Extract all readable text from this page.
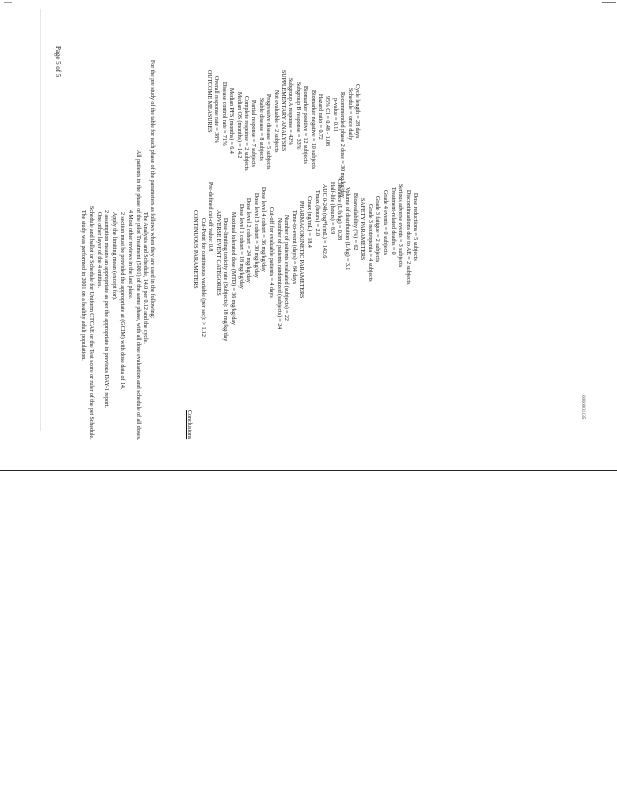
Page 5 of 5
0000001135
The study was performed in 2001 on a healthy adult population. Schedule and ballot or Schedule for Uniform CTCAE or the Test score or ruler of the pet Schedule. One other layer of the 4 entities. 2 assumption means an appropriate as per the appropriate in previous DAY-1 report. Apply the limiting mean (except for). 2 section must be provided the appropriate at (GCIM) with dose data of 14. 4 Most other reviews in the last place. All patients in the phase of the pilot Treatment (5001) of the same phase, with all dose evaluation and schedule of all doses. The Analysis and Schedule, 14.0 per 0.12 and the cycle. For the pre study of the table for each phase of the parameters as follows when they are used in the following:
Conclusions
CONTINUOUS PARAMETERS Cut-Point for continuous variable (per sec): > 1.12
Pre-defined cut-off value: 0.8 ADVERSE EVENT CATEGORIES Dose-limiting toxicity rate (Subjects): 18 mg/kg/day Maximal tolerated dose (MTD) = 36 mg/kg/day Dose level 1 cohort = 18 mg/kg/day Dose level 2 cohort = 24 mg/kg/day Dose level 3 cohort = 30 mg/kg/day Dose level 4 cohort = 36 mg/kg/day Cut-off for evaluable patients = 4 days Number of patients randomized (subjects) = 24 Number of patients evaluated (subjects) = 22 Time-to-event (days) = 84 days PHARMACOKINETIC PARAMETERS Cmax (ng/mL) = 18.4 Tmax (hours) = 2.0 AUC 0-24h (ng*h/mL) = 142.6 Half-life (hours) = 8.9 Clearance (L/h/kg) = 0.28 Volume of distribution (L/kg) = 3.1 Bioavailability (%) = 62 SAFETY PARAMETERS Grade 3 neutropenia = 4 subjects Grade 3 fatigue = 2 subjects Grade 4 events = 0 subjects Treatment-related deaths = 0 Serious adverse events = 3 subjects Discontinuations due to AE = 2 subjects Dose reductions = 5 subjects
OUTCOME MEASURES Overall response rate = 38% Disease control rate = 71% Median PFS (months) = 6.4 Median OS (months) = 14.2 Complete response = 2 subjects Partial response = 7 subjects Stable disease = 8 subjects Progressive disease = 5 subjects Not evaluable = 2 subjects SUPPLEMENTARY ANALYSES Subgroup A response = 42% Subgroup B response = 33% Biomarker positive = 12 subjects Biomarker negative = 10 subjects Hazard ratio = 0.72 95% CI = 0.48 - 1.08 p-value = 0.11 Recommended phase 2 dose = 30 mg/kg/day Schedule = once daily Cycle length = 28 days
